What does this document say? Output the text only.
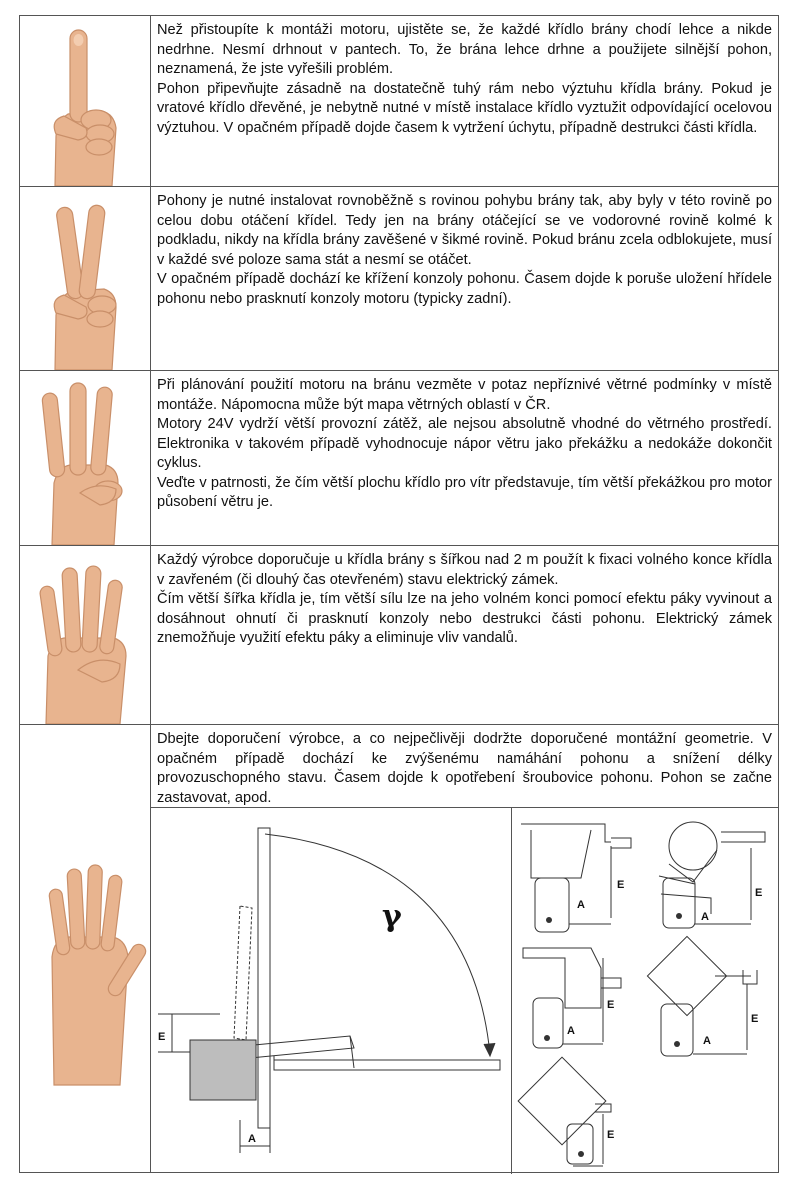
Než přistoupíte k montáži motoru, ujistěte se, že každé křídlo brány chodí lehce a nikde nedrhne. Nesmí drhnout v pantech. To, že brána lehce drhne a použijete silnější pohon, neznamená, že jste vyřešili problém.

Pohon připevňujte zásadně na dostatečně tuhý rám nebo výztuhu křídla brány. Pokud je vratové křídlo dřevěné, je nebytně nutné v místě instalace křídlo vyztužit odpovídající ocelovou výztuhou. V opačném případě dojde časem k vytržení úchytu, případně destrukci části křídla.

Pohony je nutné instalovat rovnoběžně s rovinou pohybu brány tak, aby byly v této rovině po celou dobu otáčení křídel. Tedy jen na brány otáčející se ve vodorovné rovině kolmé k podkladu, nikdy na křídla brány zavěšené v šikmé rovině. Pokud bránu zcela odblokujete, musí v každé své poloze sama stát a nesmí se otáčet.

V opačném případě dochází ke křížení konzoly pohonu. Časem dojde k poruše uložení hřídele pohonu nebo prasknutí konzoly motoru (typicky zadní).

Při plánování použití motoru na bránu vezměte v potaz nepříznivé větrné podmínky v místě montáže. Nápomocna může být mapa větrných oblastí v ČR.

Motory 24V vydrží větší provozní zátěž, ale nejsou absolutně vhodné do větrného prostředí. Elektronika v takovém případě vyhodnocuje nápor větru jako překážku a nedokáže dokončit cyklus.

Veďte v patrnosti, že čím větší plochu křídlo pro vítr představuje, tím větší překážkou pro motor působení větru je.

Každý výrobce doporučuje u křídla brány s šířkou nad 2 m použít k fixaci volného konce křídla v zavřeném (či dlouhý čas otevřeném) stavu elektrický zámek.

Čím větší šířka křídla je, tím větší sílu lze na jeho volném konci pomocí efektu páky vyvinout a dosáhnout ohnutí či prasknutí konzoly nebo destrukci části pohonu. Elektrický zámek znemožňuje využití efektu páky a eliminuje vliv vandalů.

Dbejte doporučení výrobce, a co nejpečlivěji dodržte doporučené montážní geometrie. V opačném případě dochází ke zvýšenému namáhání pohonu a snížení délky provozuschopného stavu. Časem dojde k opotřebení šroubovice pohonu. Pohon se začne zastavovat, apod.

γ
E
A
A
E
A
E
A
E
A
E
E
